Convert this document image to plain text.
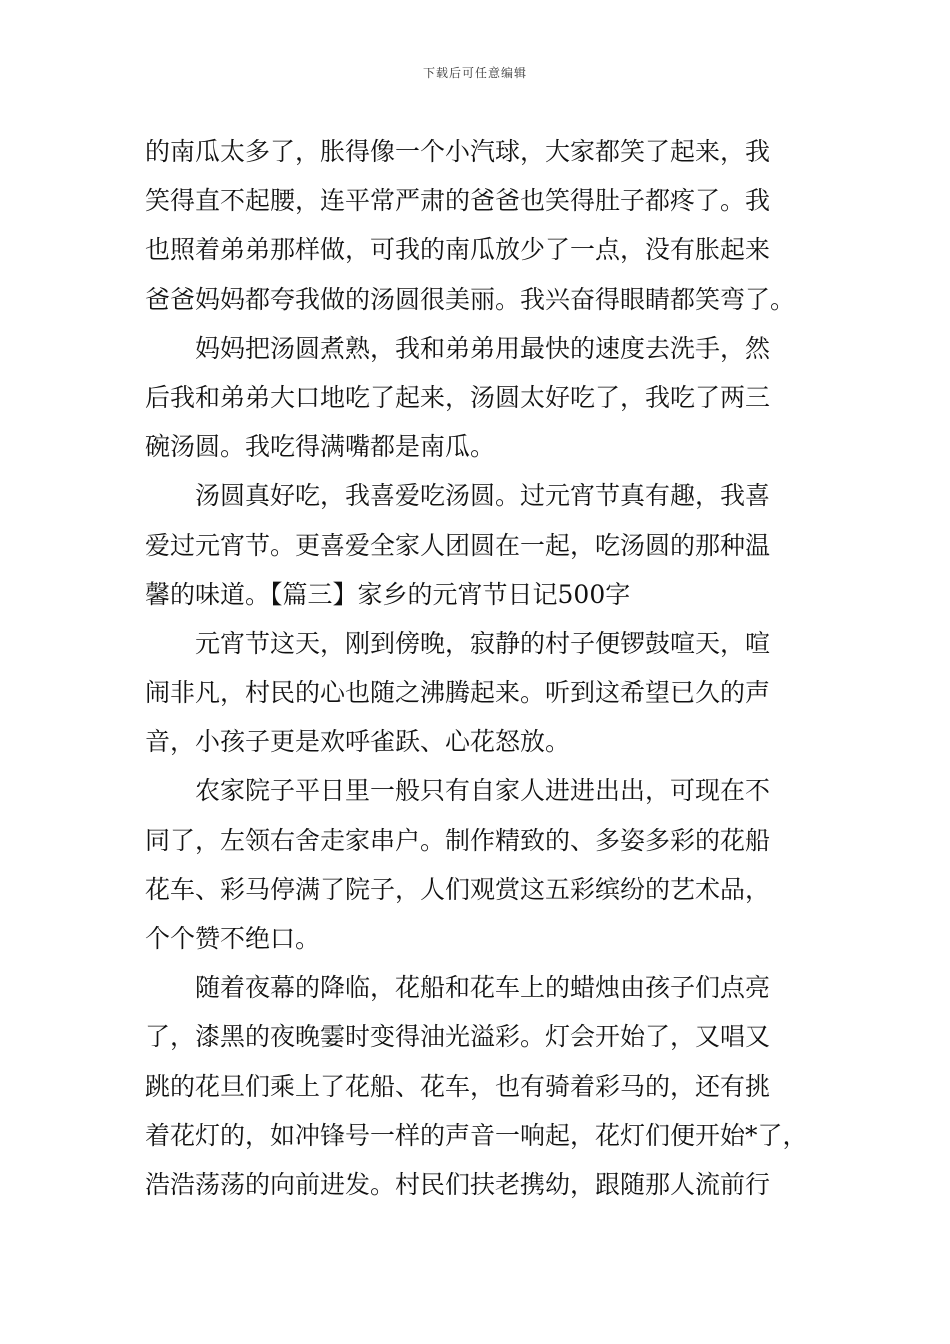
下载后可任意编辑
的南瓜太多了，胀得像一个小汽球，大家都笑了起来，我
笑得直不起腰，连平常严肃的爸爸也笑得肚子都疼了。我
也照着弟弟那样做，可我的南瓜放少了一点，没有胀起来
爸爸妈妈都夸我做的汤圆很美丽。我兴奋得眼睛都笑弯了。
妈妈把汤圆煮熟，我和弟弟用最快的速度去洗手，然
后我和弟弟大口地吃了起来，汤圆太好吃了，我吃了两三
碗汤圆。我吃得满嘴都是南瓜。
汤圆真好吃，我喜爱吃汤圆。过元宵节真有趣，我喜
爱过元宵节。更喜爱全家人团圆在一起，吃汤圆的那种温
馨的味道。【篇三】家乡的元宵节日记500字
元宵节这天，刚到傍晚，寂静的村子便锣鼓喧天，喧
闹非凡，村民的心也随之沸腾起来。听到这希望已久的声
音，小孩子更是欢呼雀跃、心花怒放。
农家院子平日里一般只有自家人进进出出，可现在不
同了，左领右舍走家串户。制作精致的、多姿多彩的花船
花车、彩马停满了院子，人们观赏这五彩缤纷的艺术品，
个个赞不绝口。
随着夜幕的降临，花船和花车上的蜡烛由孩子们点亮
了，漆黑的夜晚霎时变得油光溢彩。灯会开始了，又唱又
跳的花旦们乘上了花船、花车，也有骑着彩马的，还有挑
着花灯的，如冲锋号一样的声音一响起，花灯们便开始*了，
浩浩荡荡的向前进发。村民们扶老携幼，跟随那人流前行
